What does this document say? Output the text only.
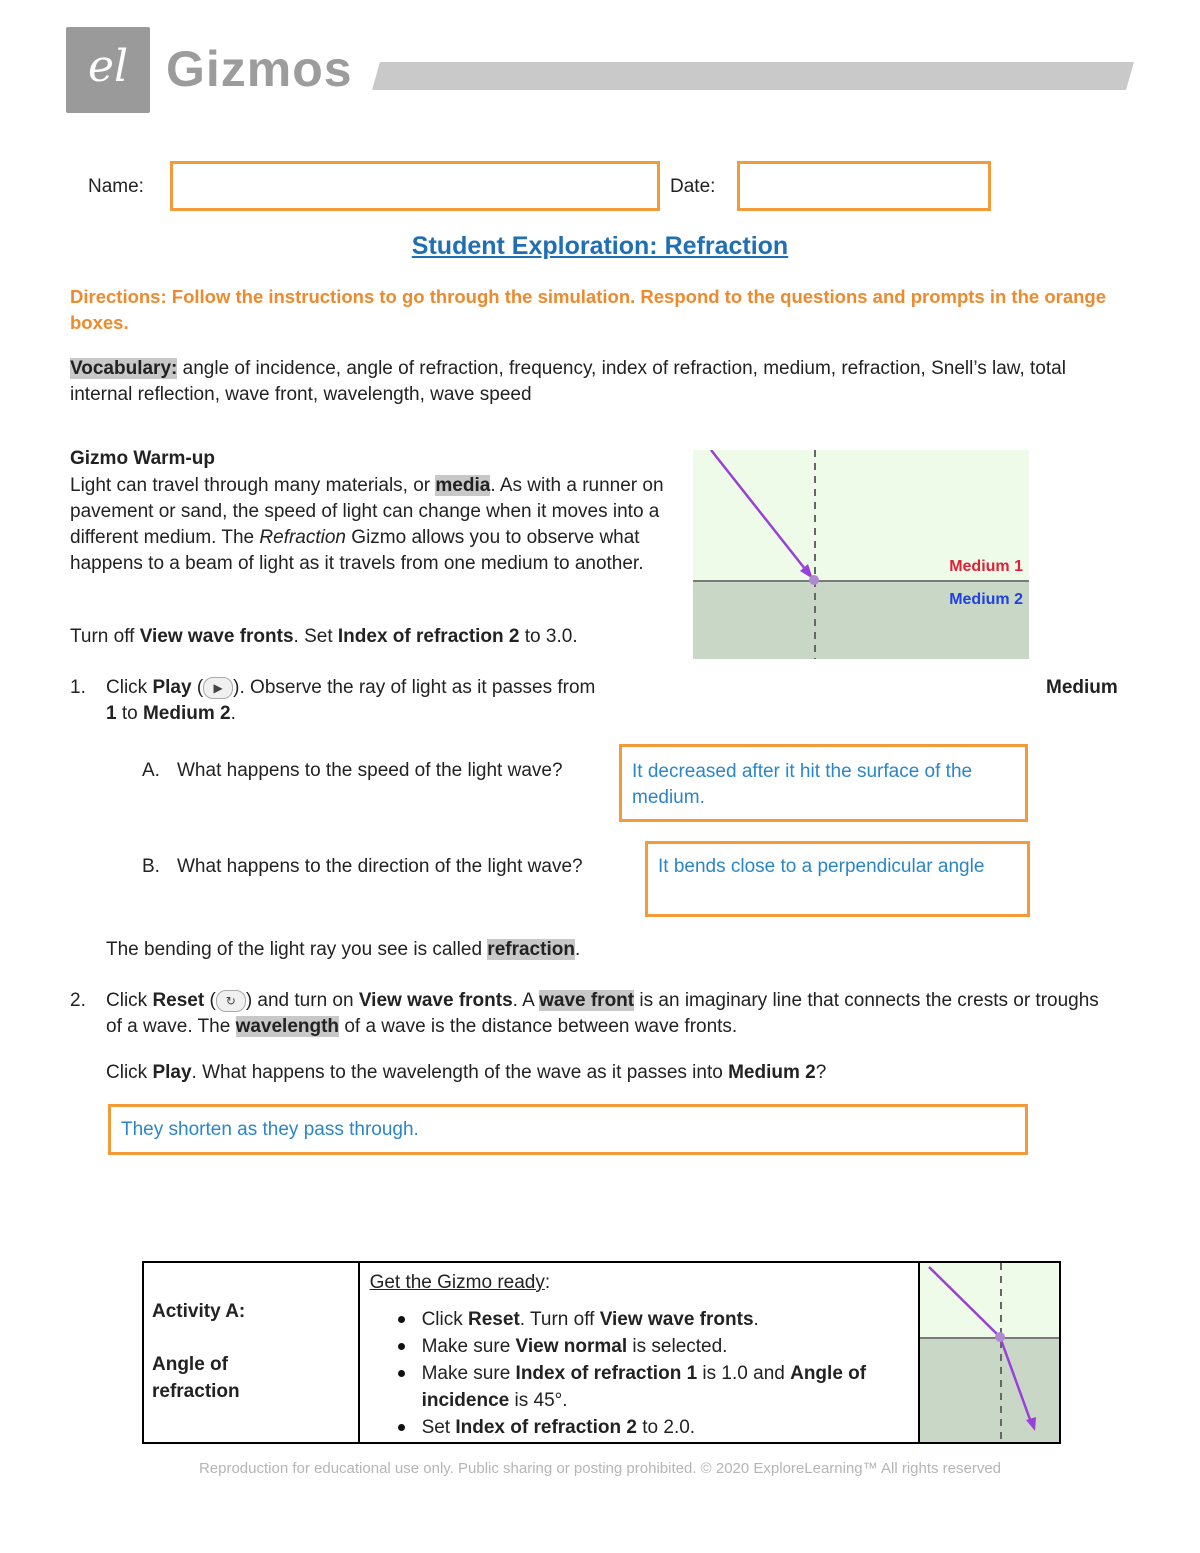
el Gizmos
Name:	Date:
Student Exploration: Refraction
Directions: Follow the instructions to go through the simulation. Respond to the questions and prompts in the orange boxes.
Vocabulary: angle of incidence, angle of refraction, frequency, index of refraction, medium, refraction, Snell’s law, total internal reflection, wave front, wavelength, wave speed
Gizmo Warm-up
Light can travel through many materials, or media. As with a runner on pavement or sand, the speed of light can change when it moves into a different medium. The Refraction Gizmo allows you to observe what happens to a beam of light as it travels from one medium to another.
Turn off View wave fronts. Set Index of refraction 2 to 3.0.
Medium 1
Medium 2
1. Click Play ( ▶ ). Observe the ray of light as it passes from	Medium
1 to Medium 2.
A. What happens to the speed of the light wave?	It decreased after it hit the surface of the medium.
B. What happens to the direction of the light wave?	It bends close to a perpendicular angle
The bending of the light ray you see is called refraction.
2. Click Reset ( ↻ ) and turn on View wave fronts. A wave front is an imaginary line that connects the crests or troughs of a wave. The wavelength of a wave is the distance between wave fronts.
Click Play. What happens to the wavelength of the wave as it passes into Medium 2?
They shorten as they pass through.
Activity A:
Angle of refraction

Get the Gizmo ready:
Click Reset. Turn off View wave fronts.
Make sure View normal is selected.
Make sure Index of refraction 1 is 1.0 and Angle of incidence is 45°.
Set Index of refraction 2 to 2.0.

Reproduction for educational use only. Public sharing or posting prohibited. © 2020 ExploreLearning™ All rights reserved
